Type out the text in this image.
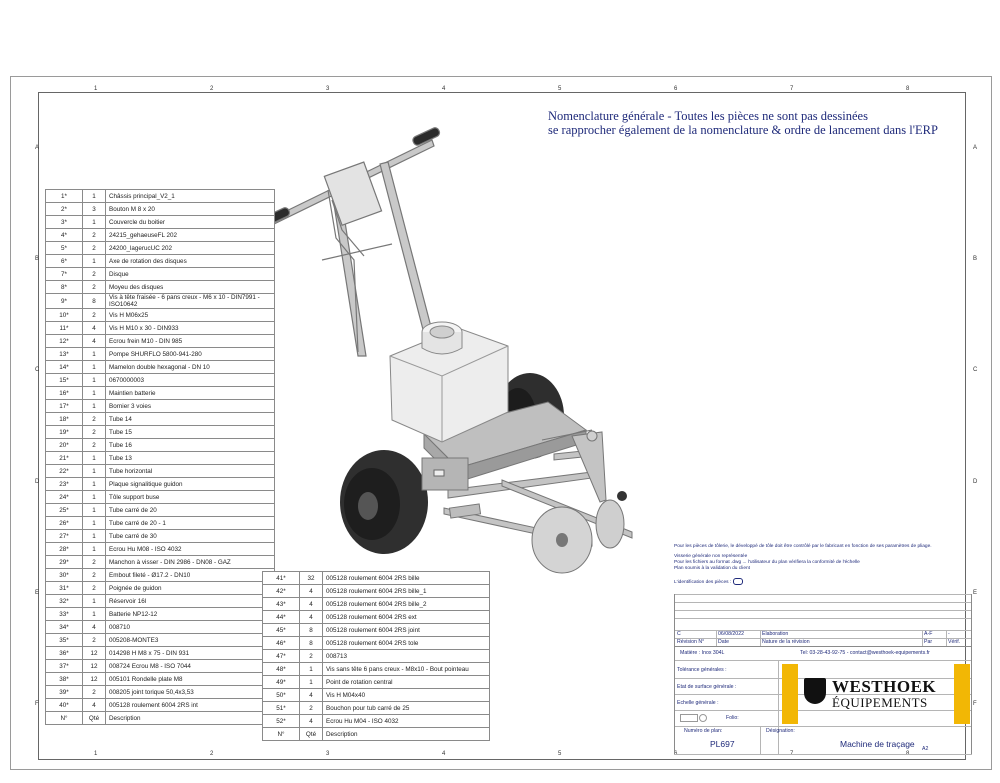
1
1
2
2
3
3
4
4
5
5
6
6
7
7
8
8
A	A
B	B
C	C
D	D
E	E
F	F
Nomenclature générale - Toutes les pièces ne sont pas dessinées
se rapprocher également de la nomenclature & ordre de lancement dans l'ERP
1*	1	Châssis principal_V2_1
2*	3	Bouton M 8 x 20
3*	1	Couvercle du boitier
4*	2	24215_gehaeuseFL 202
5*	2	24200_lagerucUC 202
6*	1	Axe de rotation des disques
7*	2	Disque
8*	2	Moyeu des disques
9*	8	Vis à tête fraisée - 6 pans creux - M6 x 10 - DIN7991 - ISO10642
10*	2	Vis H M06x25
11*	4	Vis H M10 x 30 - DIN933
12*	4	Ecrou frein M10 - DIN 985
13*	1	Pompe SHURFLO 5800-941-280
14*	1	Mamelon double hexagonal - DN 10
15*	1	0670000003
16*	1	Maintien batterie
17*	1	Bornier 3 voies
18*	2	Tube 14
19*	2	Tube 15
20*	2	Tube 16
21*	1	Tube 13
22*	1	Tube horizontal
23*	1	Plaque signalitique guidon
24*	1	Tôle support buse
25*	1	Tube carré de 20
26*	1	Tube carré de 20 - 1
27*	1	Tube carré de 30
28*	1	Ecrou Hu M08 - ISO 4032
29*	2	Manchon à visser - DIN 2986 - DN08 - GAZ
30*	2	Embout fileté - Ø17.2 - DN10
31*	2	Poignée de guidon
32*	1	Réservoir 16l
33*	1	Batterie NP12-12
34*	4	008710
35*	2	005208-MONTE3
36*	12	014298 H M8 x 75 - DIN 931
37*	12	008724 Ecrou M8 - ISO 7044
38*	12	005101 Rondelle plate M8
39*	2	008205 joint torique 50,4x3,53
40*	4	005128 roulement 6004 2RS int
N°	Qté	Description
41*	32	005128 roulement 6004 2RS bille
42*	4	005128 roulement 6004 2RS bille_1
43*	4	005128 roulement 6004 2RS bille_2
44*	4	005128 roulement 6004 2RS ext
45*	8	005128 roulement 6004 2RS joint
46*	8	005128 roulement 6004 2RS tole
47*	2	008713
48*	1	Vis sans tête 6 pans creux - M8x10 - Bout pointeau
49*	1	Point de rotation central
50*	4	Vis H M04x40
51*	2	Bouchon pour tub carré de 25
52*	4	Ecrou Hu M04 - ISO 4032
N°	Qté	Description
Pour les pièces de tôlerie, le développé de tôle doit être contrôlé par le fabricant en fonction de ses paramètres de pliage.
Visserie générale non représentée
Pour les fichiers au format .dwg ... l'utilisateur du plan vérifiera la conformité de l'échelle
Plan soumis à la validation du client
L'identification des pièces :
C	06/08/2022	Elaboration	A-F	-
Révision N°	Date	Nature de la révision	Par	Vérif.
Matière : Inox 304L	Tel: 03-28-43-92-75 - contact@westhoek-equipements.fr
Tolérance générales :
Etat de surface générale :
Echelle générale :

Folio:
Numéro de plan:	Désignation:
A2
PL697	Machine de traçage
WESTHOEK
ÉQUIPEMENTS
